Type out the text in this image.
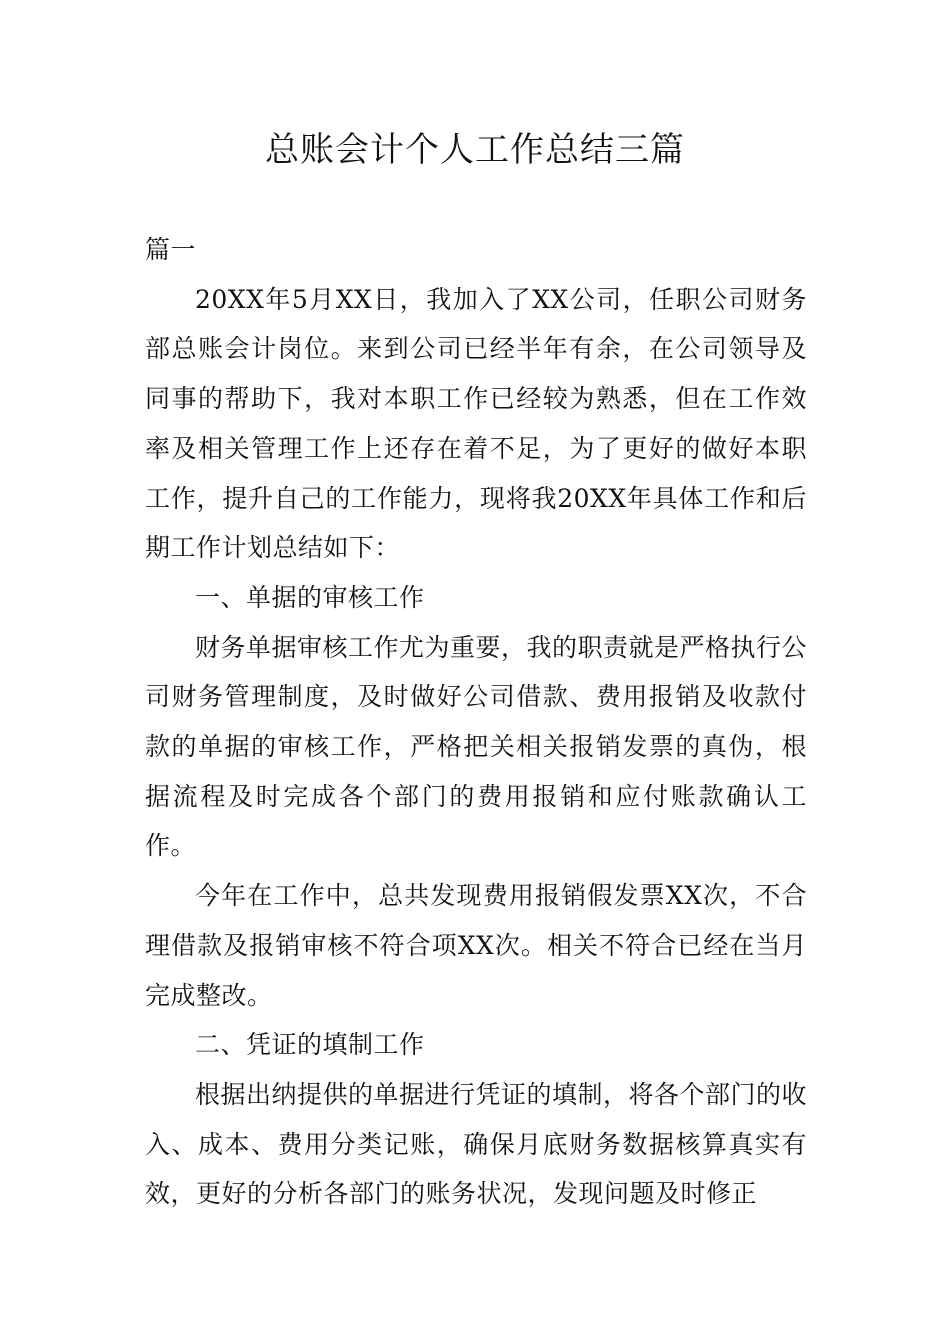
总账会计个人工作总结三篇

篇一

20XX年5月XX日，我加入了XX公司，任职公司财务部总账会计岗位。来到公司已经半年有余，在公司领导及同事的帮助下，我对本职工作已经较为熟悉，但在工作效率及相关管理工作上还存在着不足，为了更好的做好本职工作，提升自己的工作能力，现将我20XX年具体工作和后期工作计划总结如下：

一、单据的审核工作

财务单据审核工作尤为重要，我的职责就是严格执行公司财务管理制度，及时做好公司借款、费用报销及收款付款的单据的审核工作，严格把关相关报销发票的真伪，根据流程及时完成各个部门的费用报销和应付账款确认工作。

今年在工作中，总共发现费用报销假发票XX次，不合理借款及报销审核不符合项XX次。相关不符合已经在当月完成整改。

二、凭证的填制工作

根据出纳提供的单据进行凭证的填制，将各个部门的收入、成本、费用分类记账，确保月底财务数据核算真实有效，更好的分析各部门的账务状况，发现问题及时修正
